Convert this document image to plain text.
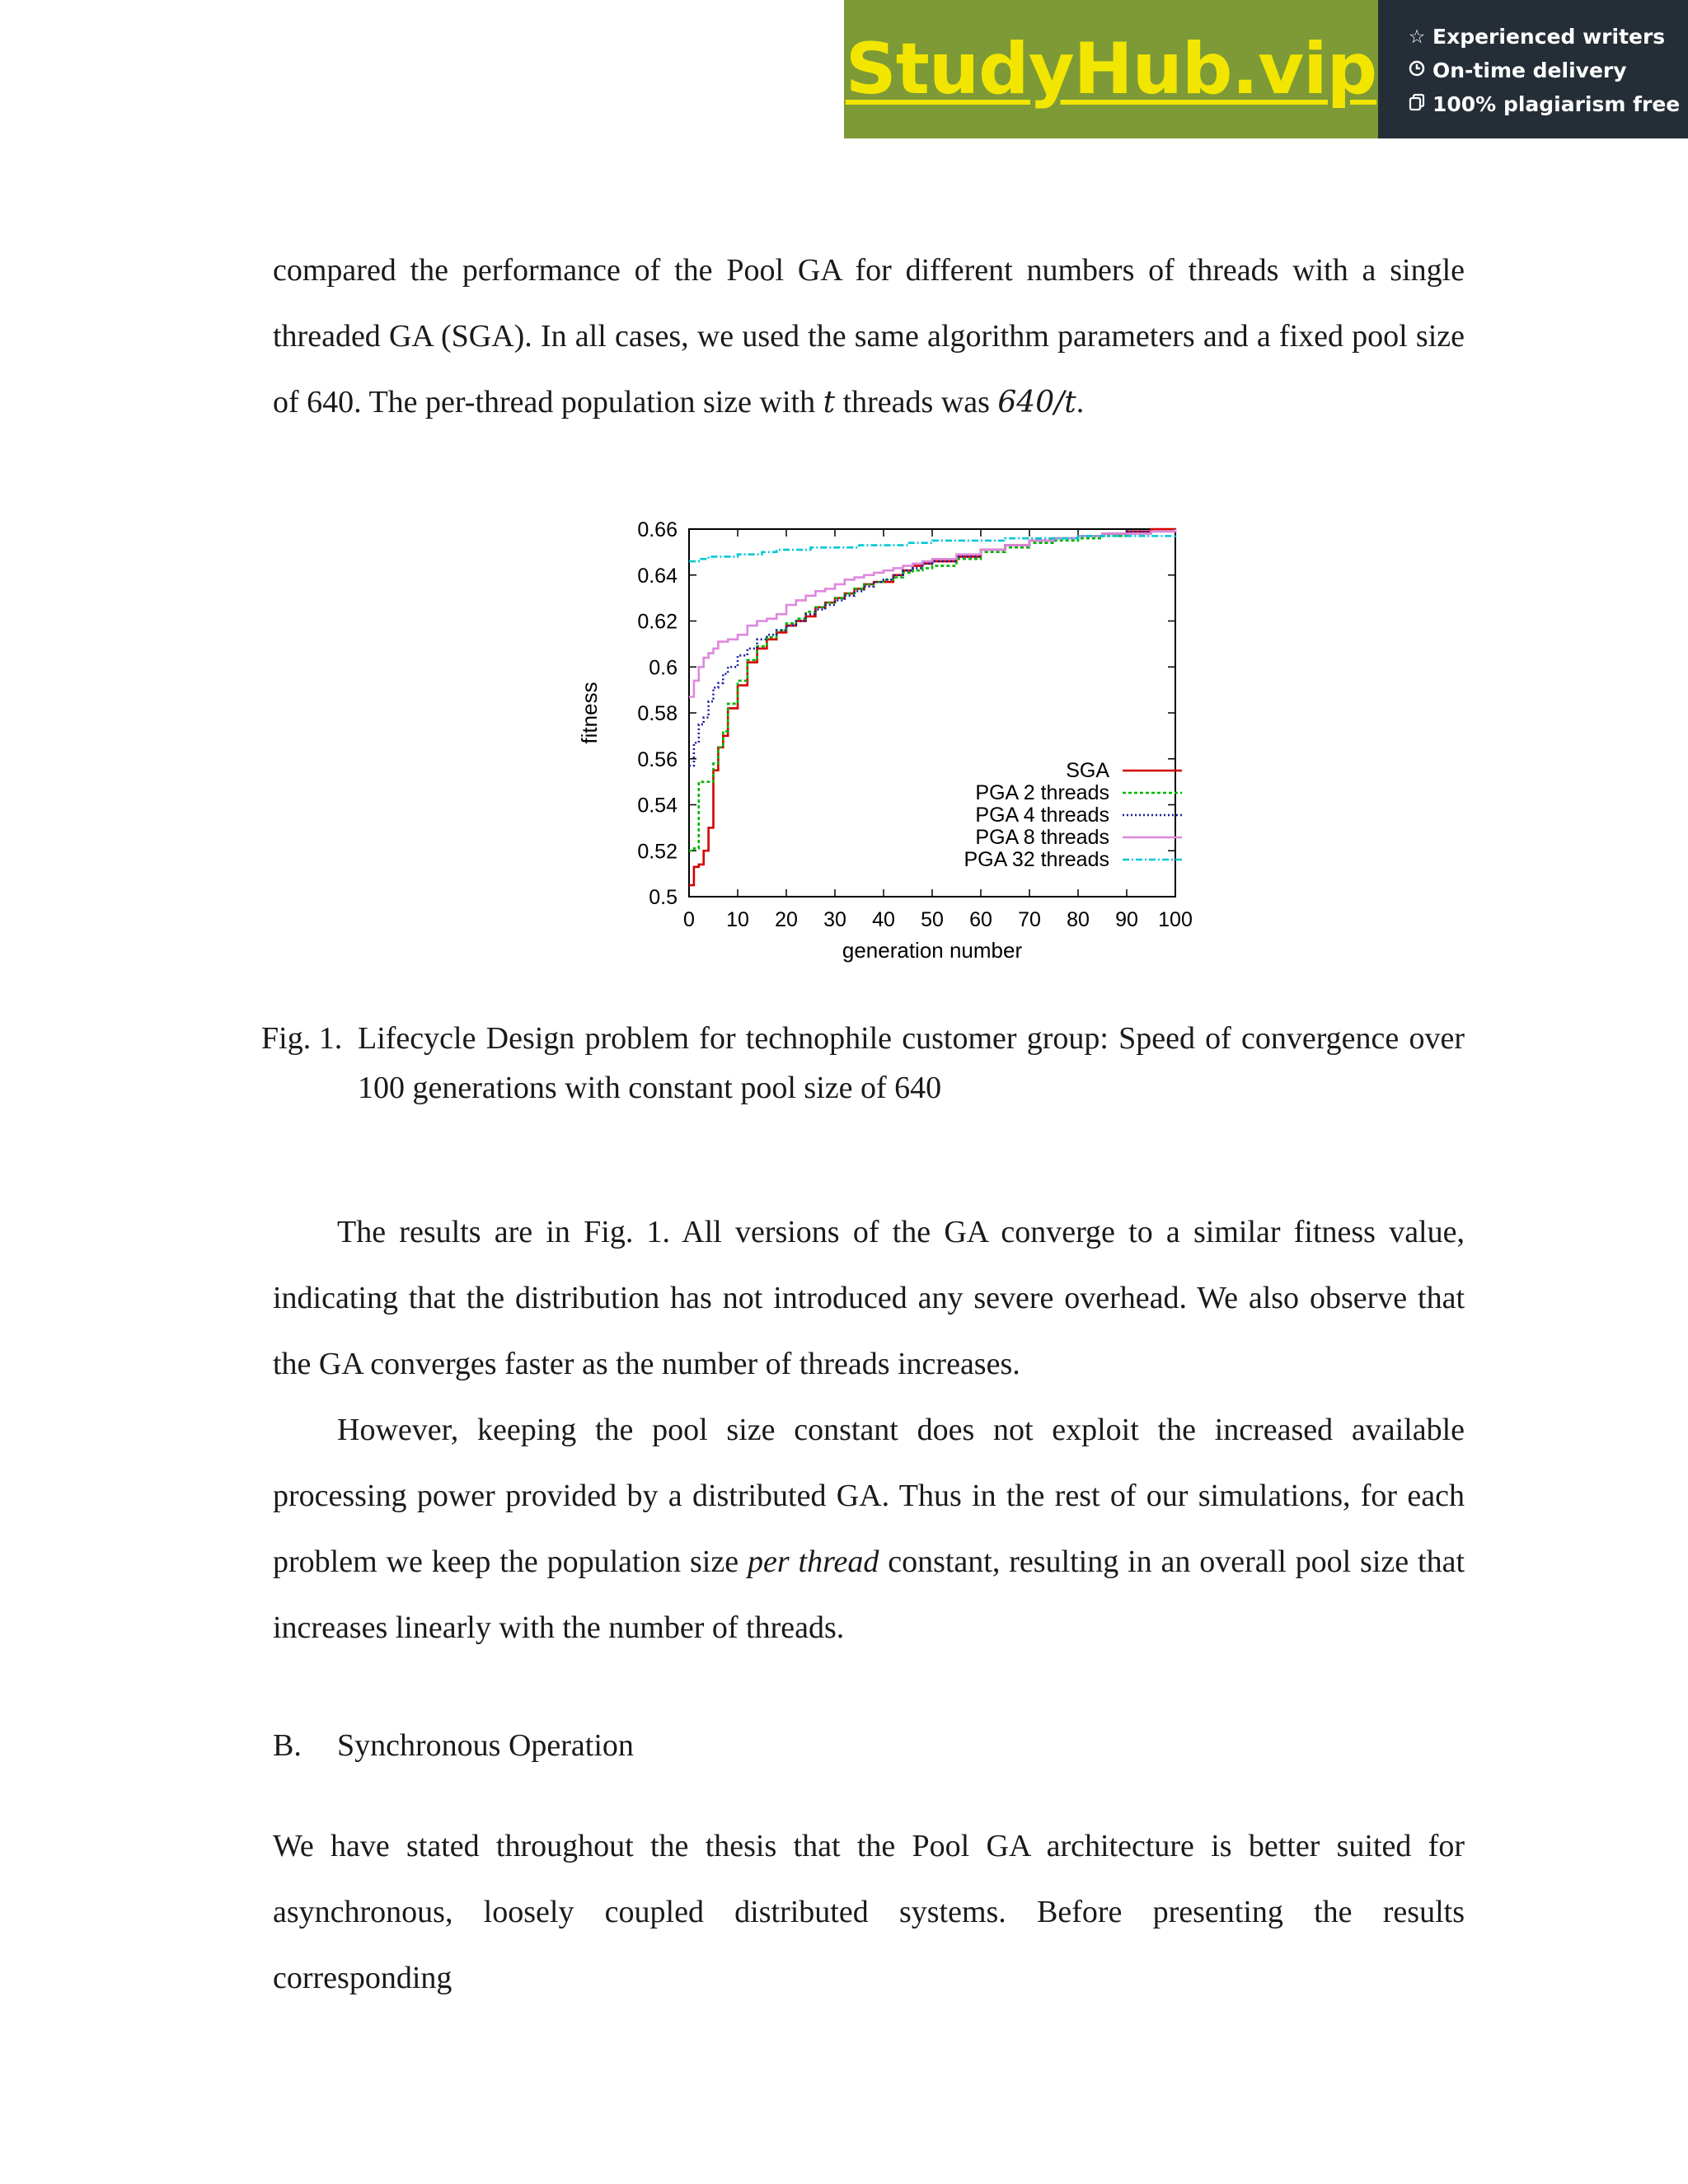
StudyHub.vip ☆ Experienced writers
On-time delivery
100% plagiarism free

compared the performance of the Pool GA for different numbers of threads with a single threaded GA (SGA). In all cases, we used the same algorithm parameters and a fixed pool size of 640. The per-thread population size with t threads was 640/t.

0 10 20 30 40 50 60 70 80 90 100
0.5
0.52
0.54
0.56
0.58
0.6
0.62
0.64
0.66
generation number
fitness
SGA
PGA 2 threads
PGA 4 threads
PGA 8 threads
PGA 32 threads
Fig. 1. Lifecycle Design problem for technophile customer group: Speed of convergence over 100 generations with constant pool size of 640

The results are in Fig. 1. All versions of the GA converge to a similar fitness value, indicating that the distribution has not introduced any severe overhead. We also observe that the GA converges faster as the number of threads increases.

However, keeping the pool size constant does not exploit the increased available processing power provided by a distributed GA. Thus in the rest of our simulations, for each problem we keep the population size per thread constant, resulting in an overall pool size that increases linearly with the number of threads.

B. Synchronous Operation

We have stated throughout the thesis that the Pool GA architecture is better suited for asynchronous, loosely coupled distributed systems. Before presenting the results corresponding
